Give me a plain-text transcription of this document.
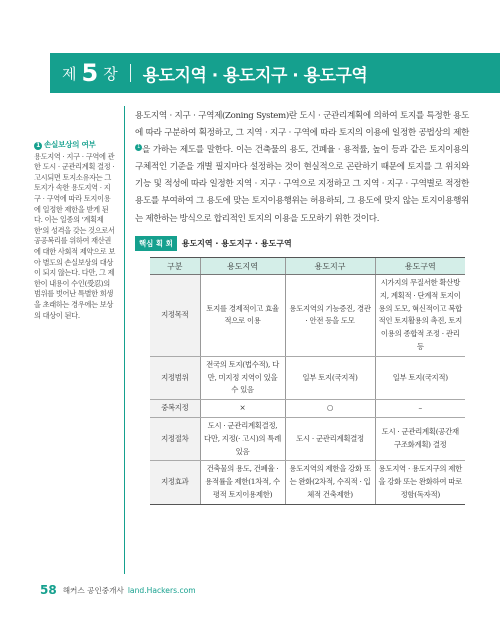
제 5 장 용도지역 · 용도지구 · 용도구역
1 손실보상의 여부
용도지역 · 지구 · 구역에 관한 도시 · 군관리계획 결정 · 고시되면 토지소유자는 그 토지가 속한 용도지역 · 지구 · 구역에 따라 토지이용에 일정한 제한을 받게 된다. 이는 일종의 '계획제한'의 성격을 갖는 것으로서 공공복리를 위하여 재산권에 대한 사회적 제약으로 보아 별도의 손실보상의 대상이 되지 않는다. 다만, 그 제한이 내용이 수인(受忍)의 범위를 벗어난 특별한 희생을 초래하는 경우에는 보상의 대상이 된다.
용도지역 · 지구 · 구역제(Zoning System)란 도시 · 군관리계획에 의하여 토지를 특정한 용도에 따라 구분하여 획정하고, 그 지역 · 지구 · 구역에 따라 토지의 이용에 일정한 공법상의 제한1 을 가하는 제도를 말한다. 이는 건축물의 용도, 건폐율 · 용적률, 높이 등과 같은 토지이용의 구체적인 기준을 개별 필지마다 설정하는 것이 현실적으로 곤란하기 때문에 토지를 그 위치와 기능 및 적성에 따라 일정한 지역 · 지구 · 구역으로 지정하고 그 지역 · 지구 · 구역별로 적정한 용도를 부여하여 그 용도에 맞는 토지이용행위는 허용하되, 그 용도에 맞지 않는 토지이용행위는 제한하는 방식으로 합리적인 토지의 이용을 도모하기 위한 것이다.
핵심 획 회	용도지역 · 용도지구 · 용도구역
구분	용도지역	용도지구	용도구역
지정목적	토지를 경제적이고 효율적으로 이용	용도지역의 기능증진, 경관 · 안전 등을 도모	시가지의 무질서한 확산방지, 계획적 · 단계적 토지이용의 도모, 혁신적이고 복합적인 토지활용의 촉진, 토지이용의 종합적 조정 · 관리 등
지정범위	전국의 토지(법수적), 다만, 미지정 지역이 있을 수 있음	일부 토지(국지적)	일부 토지(국지적)
중복지정	×	○	–
지정절차	도시 · 군관리계획결정, 다만, 지정(· 고시)의 특례 있음	도시 · 군관리계획결정	도시 · 군관리계획(공간재구조화계획) 결정
지정효과	건축물의 용도, 건폐율 · 용적률을 제한(1차적, 수평적 토지이용제한)	용도지역의 제한을 강화 또는 완화(2차적, 수직적 · 입체적 건축제한)	용도지역 · 용도지구의 제한을 강화 또는 완화하여 따로 정함(독자적)
58 해커스 공인중개사 land.Hackers.com
